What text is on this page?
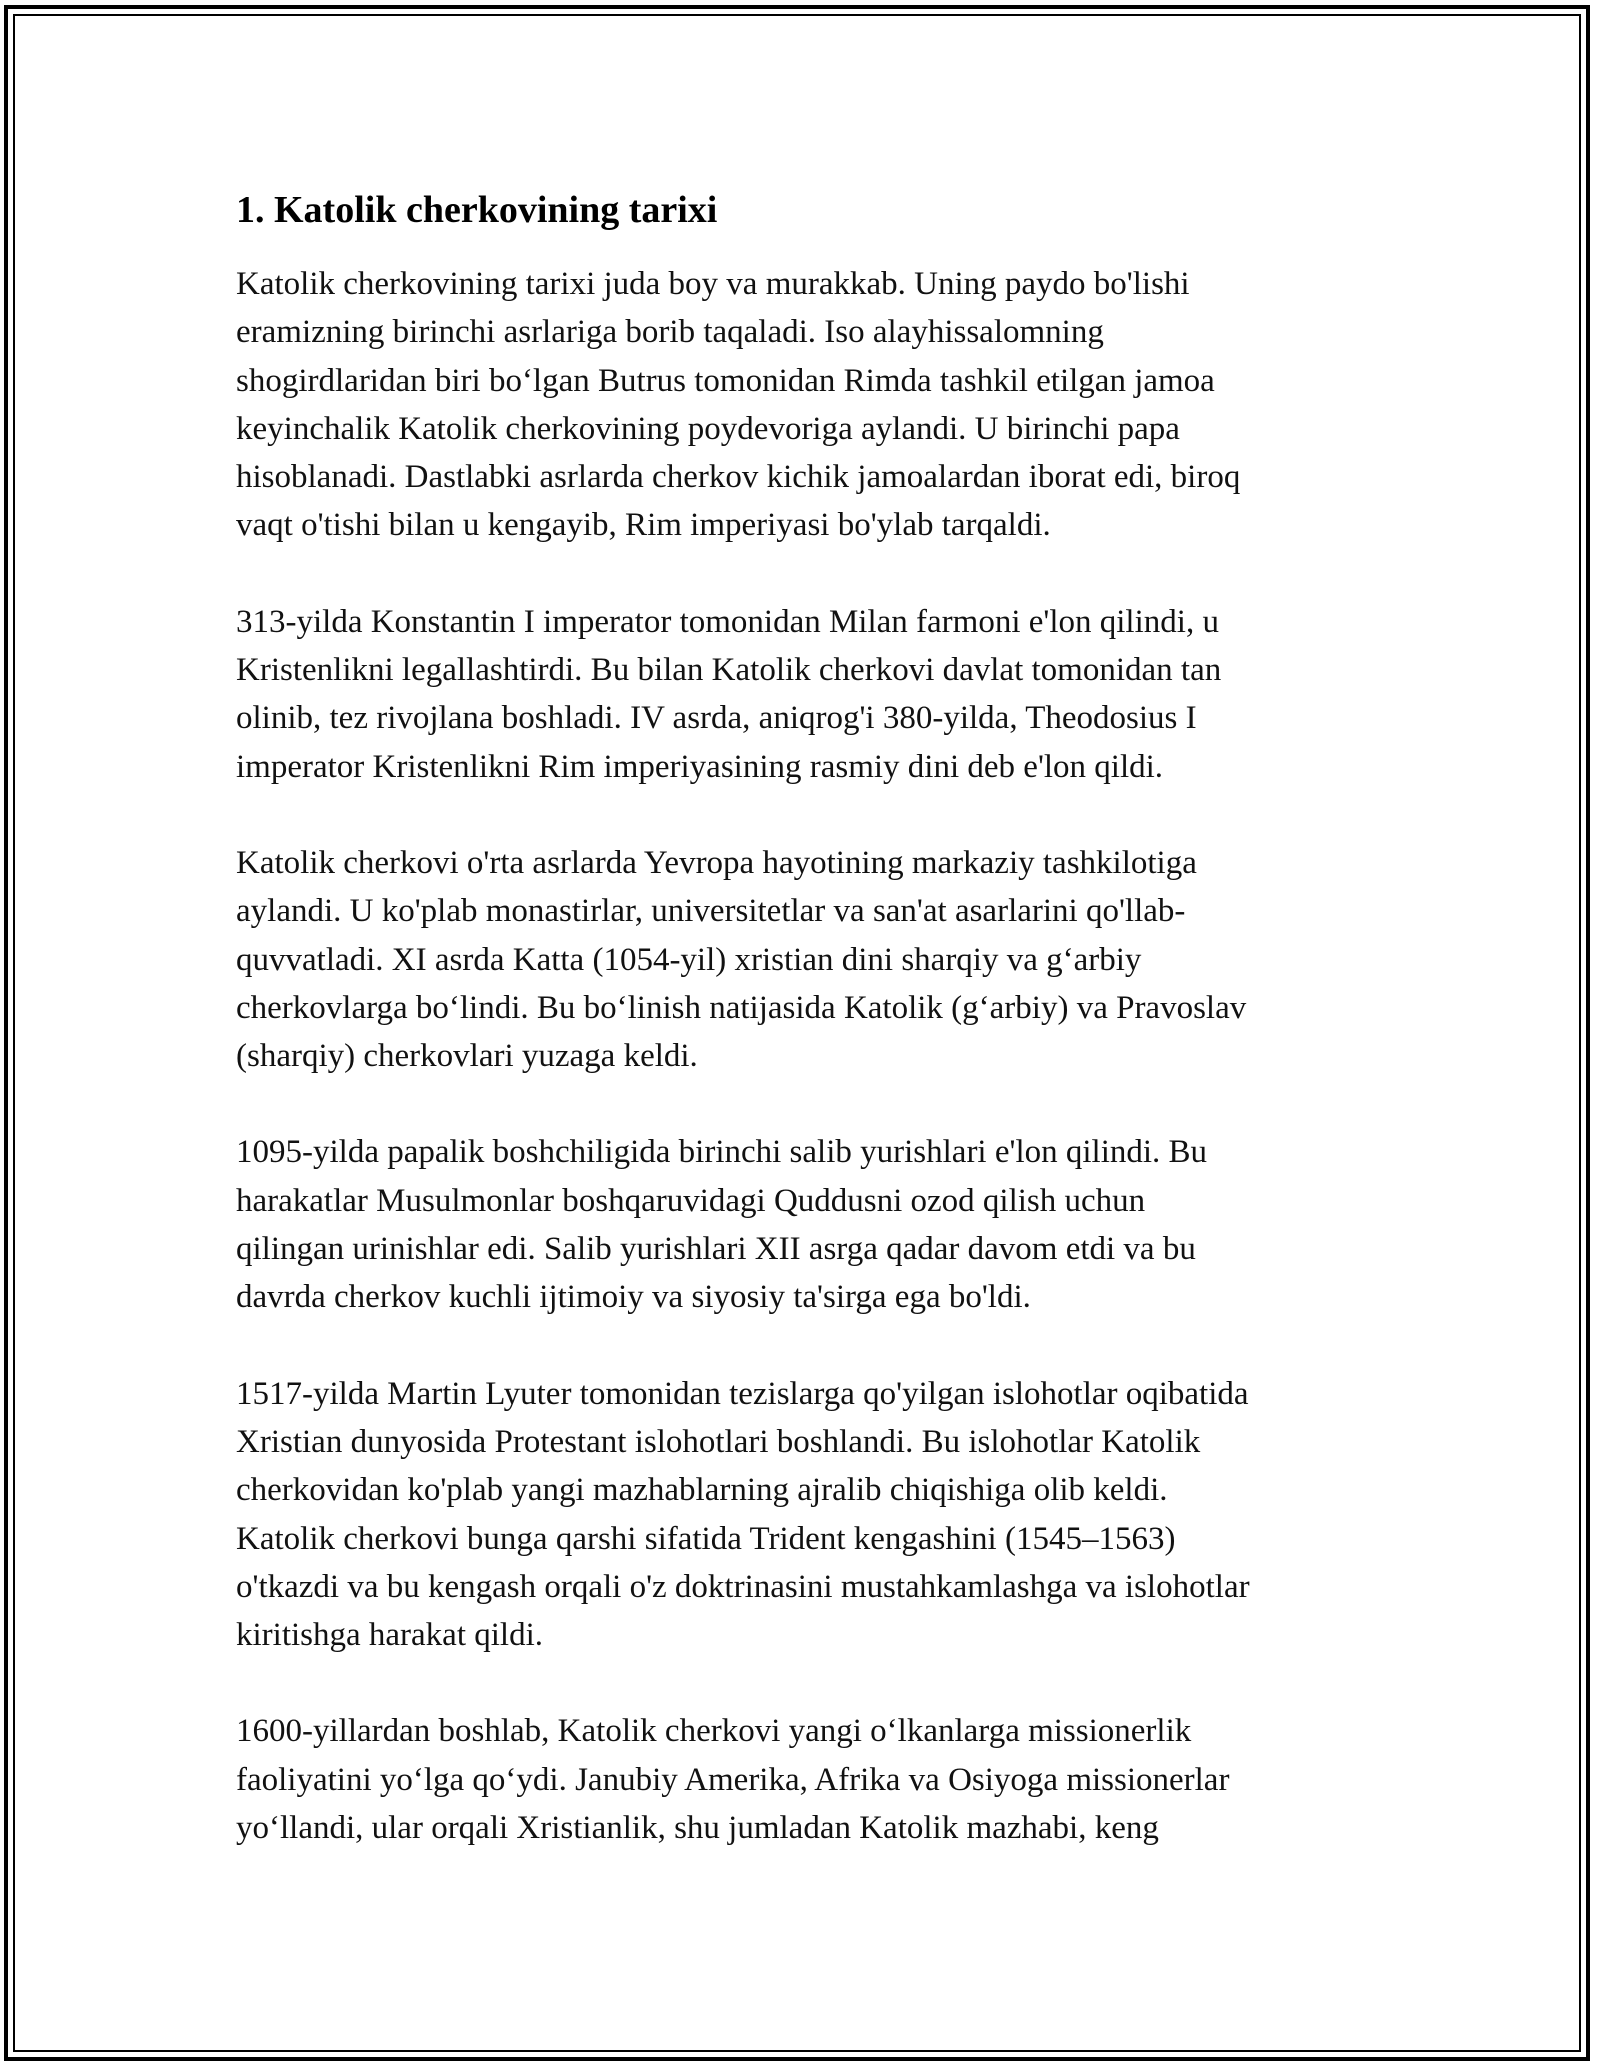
1. Katolik cherkovining tarixi

Katolik cherkovining tarixi juda boy va murakkab. Uning paydo bo'lishi
eramizning birinchi asrlariga borib taqaladi. Iso alayhissalomning
shogirdlaridan biri bo‘lgan Butrus tomonidan Rimda tashkil etilgan jamoa
keyinchalik Katolik cherkovining poydevoriga aylandi. U birinchi papa
hisoblanadi. Dastlabki asrlarda cherkov kichik jamoalardan iborat edi, biroq
vaqt o'tishi bilan u kengayib, Rim imperiyasi bo'ylab tarqaldi.

313-yilda Konstantin I imperator tomonidan Milan farmoni e'lon qilindi, u
Kristenlikni legallashtirdi. Bu bilan Katolik cherkovi davlat tomonidan tan
olinib, tez rivojlana boshladi. IV asrda, aniqrog'i 380-yilda, Theodosius I
imperator Kristenlikni Rim imperiyasining rasmiy dini deb e'lon qildi.

Katolik cherkovi o'rta asrlarda Yevropa hayotining markaziy tashkilotiga
aylandi. U ko'plab monastirlar, universitetlar va san'at asarlarini qo'llab-
quvvatladi. XI asrda Katta (1054-yil) xristian dini sharqiy va g‘arbiy
cherkovlarga bo‘lindi. Bu bo‘linish natijasida Katolik (g‘arbiy) va Pravoslav
(sharqiy) cherkovlari yuzaga keldi.

1095-yilda papalik boshchiligida birinchi salib yurishlari e'lon qilindi. Bu
harakatlar Musulmonlar boshqaruvidagi Quddusni ozod qilish uchun
qilingan urinishlar edi. Salib yurishlari XII asrga qadar davom etdi va bu
davrda cherkov kuchli ijtimoiy va siyosiy ta'sirga ega bo'ldi.

1517-yilda Martin Lyuter tomonidan tezislarga qo'yilgan islohotlar oqibatida
Xristian dunyosida Protestant islohotlari boshlandi. Bu islohotlar Katolik
cherkovidan ko'plab yangi mazhablarning ajralib chiqishiga olib keldi.
Katolik cherkovi bunga qarshi sifatida Trident kengashini (1545–1563)
o'tkazdi va bu kengash orqali o'z doktrinasini mustahkamlashga va islohotlar
kiritishga harakat qildi.

1600-yillardan boshlab, Katolik cherkovi yangi o‘lkanlarga missionerlik
faoliyatini yo‘lga qo‘ydi. Janubiy Amerika, Afrika va Osiyoga missionerlar
yo‘llandi, ular orqali Xristianlik, shu jumladan Katolik mazhabi, keng
